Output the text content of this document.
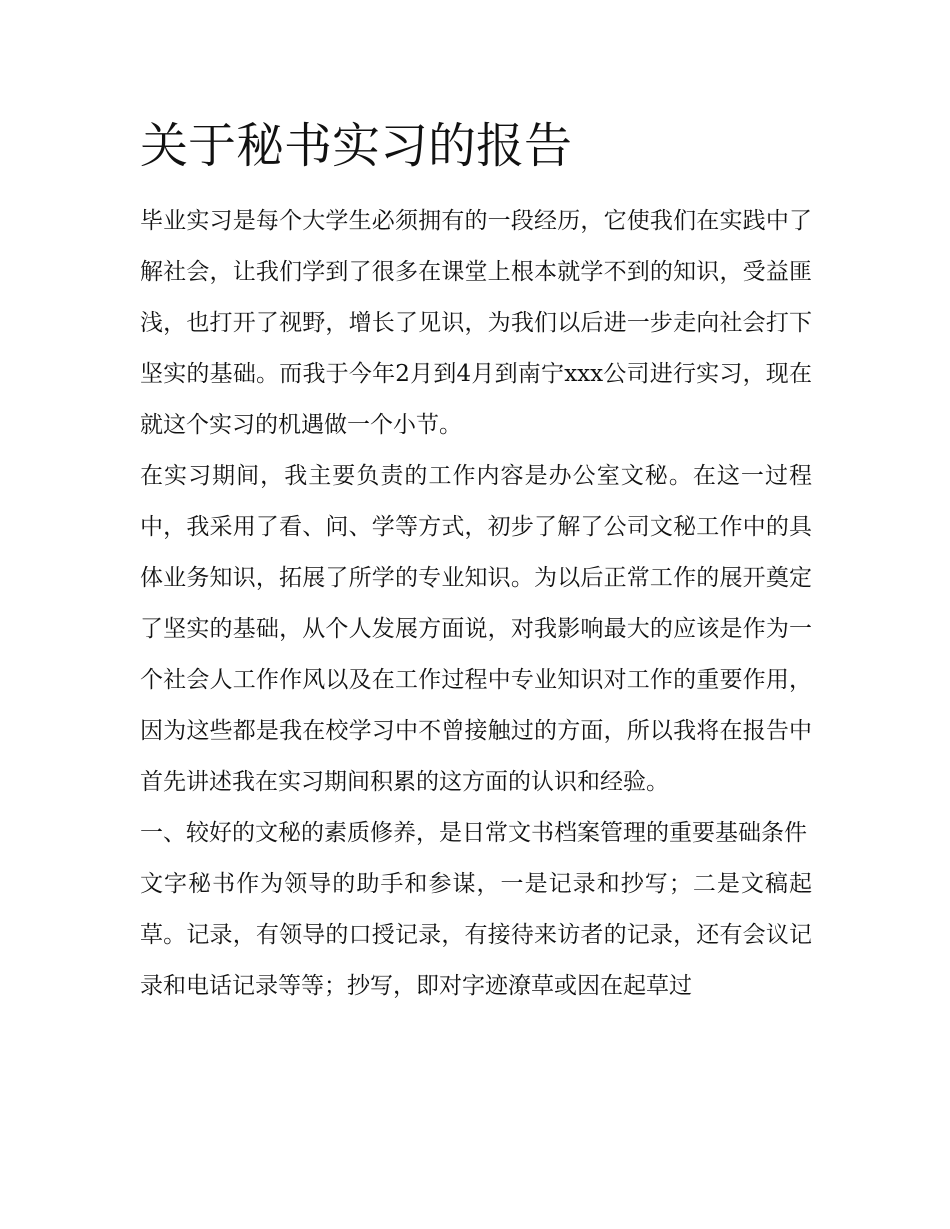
关于秘书实习的报告

毕业实习是每个大学生必须拥有的一段经历，它使我们在实践中了解社会，让我们学到了很多在课堂上根本就学不到的知识，受益匪浅，也打开了视野，增长了见识，为我们以后进一步走向社会打下坚实的基础。而我于今年2月到4月到南宁xxx公司进行实习，现在就这个实习的机遇做一个小节。

在实习期间，我主要负责的工作内容是办公室文秘。在这一过程中，我采用了看、问、学等方式，初步了解了公司文秘工作中的具体业务知识，拓展了所学的专业知识。为以后正常工作的展开奠定了坚实的基础，从个人发展方面说，对我影响最大的应该是作为一个社会人工作作风以及在工作过程中专业知识对工作的重要作用，因为这些都是我在校学习中不曾接触过的方面，所以我将在报告中首先讲述我在实习期间积累的这方面的认识和经验。

一、较好的文秘的素质修养，是日常文书档案管理的重要基础条件

文字秘书作为领导的助手和参谋，一是记录和抄写；二是文稿起草。记录，有领导的口授记录，有接待来访者的记录，还有会议记录和电话记录等等；抄写，即对字迹潦草或因在起草过
